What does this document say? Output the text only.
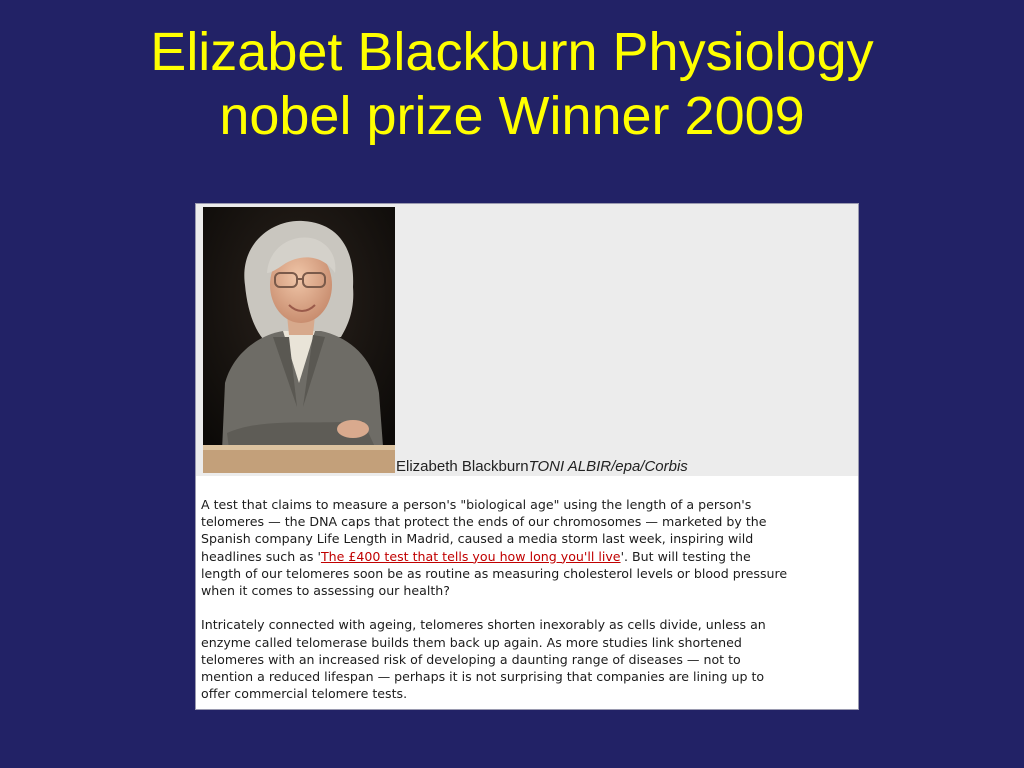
Elizabet Blackburn Physiology
nobel prize Winner 2009
Elizabeth BlackburnTONI ALBIR/epa/Corbis

A test that claims to measure a person's "biological age" using the length of a person's
telomeres — the DNA caps that protect the ends of our chromosomes — marketed by the
Spanish company Life Length in Madrid, caused a media storm last week, inspiring wild
headlines such as 'The £400 test that tells you how long you'll live'. But will testing the
length of our telomeres soon be as routine as measuring cholesterol levels or blood pressure
when it comes to assessing our health?

Intricately connected with ageing, telomeres shorten inexorably as cells divide, unless an
enzyme called telomerase builds them back up again. As more studies link shortened
telomeres with an increased risk of developing a daunting range of diseases — not to
mention a reduced lifespan — perhaps it is not surprising that companies are lining up to
offer commercial telomere tests.
